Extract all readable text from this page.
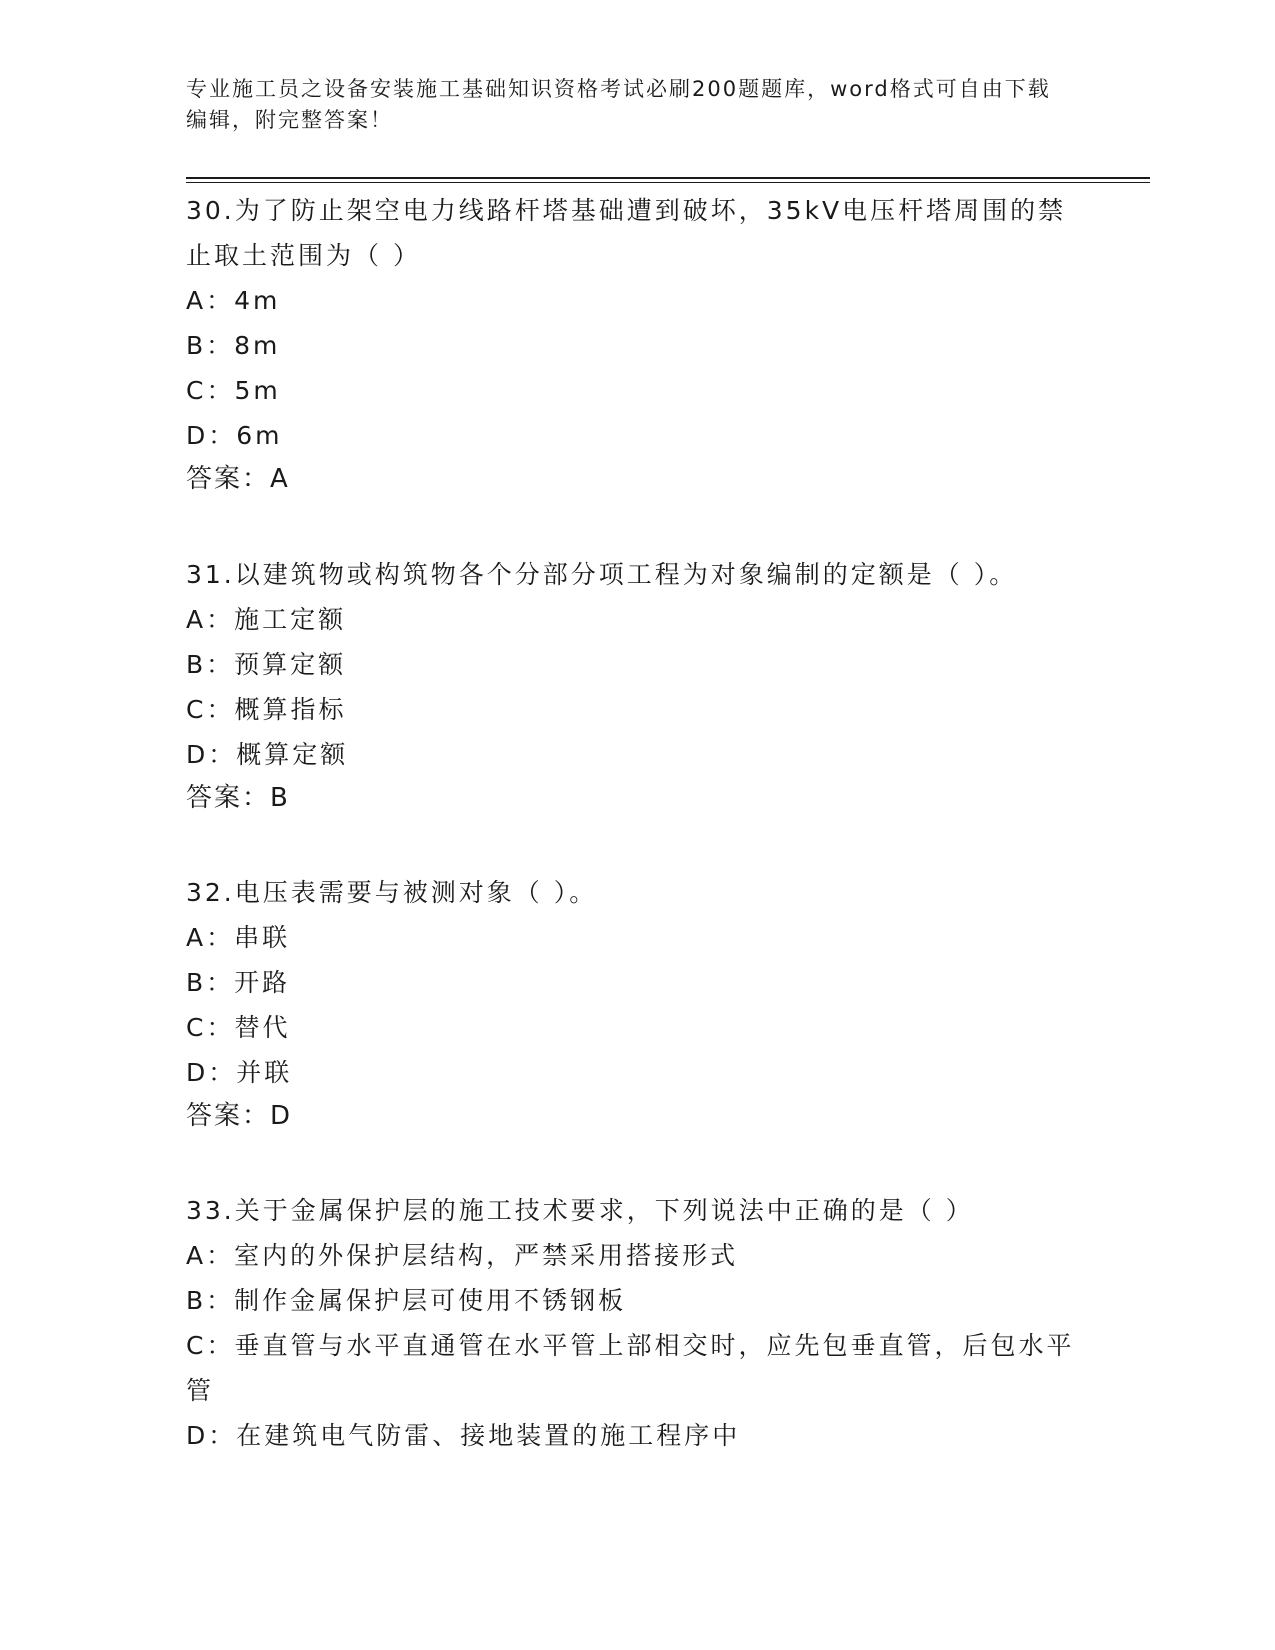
专业施工员之设备安装施工基础知识资格考试必刷200题题库，word格式可自由下载编辑，附完整答案！

30.为了防止架空电力线路杆塔基础遭到破坏，35kV电压杆塔周围的禁止取土范围为（ ）

A：4m

B：8m

C：5m

D：6m

答案：A

31.以建筑物或构筑物各个分部分项工程为对象编制的定额是（ ）。

A：施工定额

B：预算定额

C：概算指标

D：概算定额

答案：B

32.电压表需要与被测对象（ ）。

A：串联

B：开路

C：替代

D：并联

答案：D

33.关于金属保护层的施工技术要求，下列说法中正确的是（ ）

A：室内的外保护层结构，严禁采用搭接形式

B：制作金属保护层可使用不锈钢板

C：垂直管与水平直通管在水平管上部相交时，应先包垂直管，后包水平管

D：在建筑电气防雷、接地装置的施工程序中
